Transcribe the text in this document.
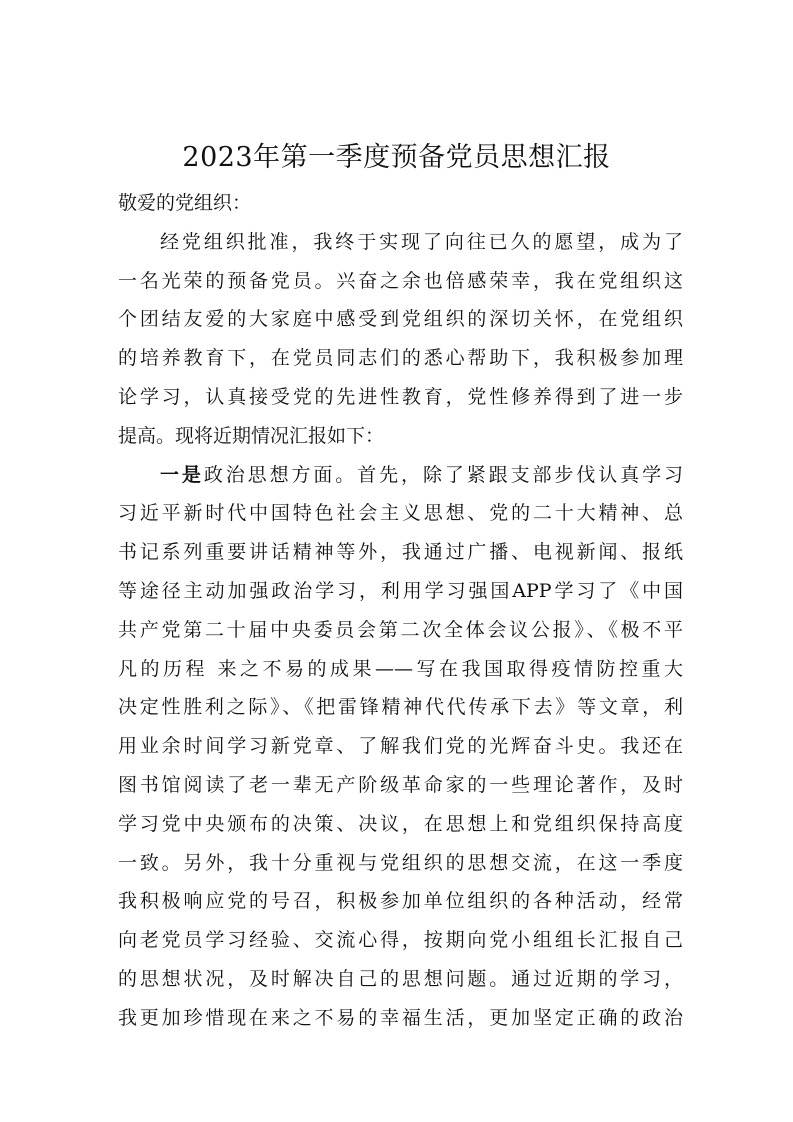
2023年第一季度预备党员思想汇报
敬爱的党组织：
经党组织批准，我终于实现了向往已久的愿望，成为了
一名光荣的预备党员。兴奋之余也倍感荣幸，我在党组织这
个团结友爱的大家庭中感受到党组织的深切关怀，在党组织
的培养教育下，在党员同志们的悉心帮助下，我积极参加理
论学习，认真接受党的先进性教育，党性修养得到了进一步
提高。现将近期情况汇报如下：
一是政治思想方面。首先，除了紧跟支部步伐认真学习
习近平新时代中国特色社会主义思想、党的二十大精神、总
书记系列重要讲话精神等外，我通过广播、电视新闻、报纸
等途径主动加强政治学习，利用学习强国APP学习了《中国
共产党第二十届中央委员会第二次全体会议公报》、《极不平
凡的历程 来之不易的成果——写在我国取得疫情防控重大
决定性胜利之际》、《把雷锋精神代代传承下去》等文章，利
用业余时间学习新党章、了解我们党的光辉奋斗史。我还在
图书馆阅读了老一辈无产阶级革命家的一些理论著作，及时
学习党中央颁布的决策、决议，在思想上和党组织保持高度
一致。另外，我十分重视与党组织的思想交流，在这一季度
我积极响应党的号召，积极参加单位组织的各种活动，经常
向老党员学习经验、交流心得，按期向党小组组长汇报自己
的思想状况，及时解决自己的思想问题。通过近期的学习，
我更加珍惜现在来之不易的幸福生活，更加坚定正确的政治
